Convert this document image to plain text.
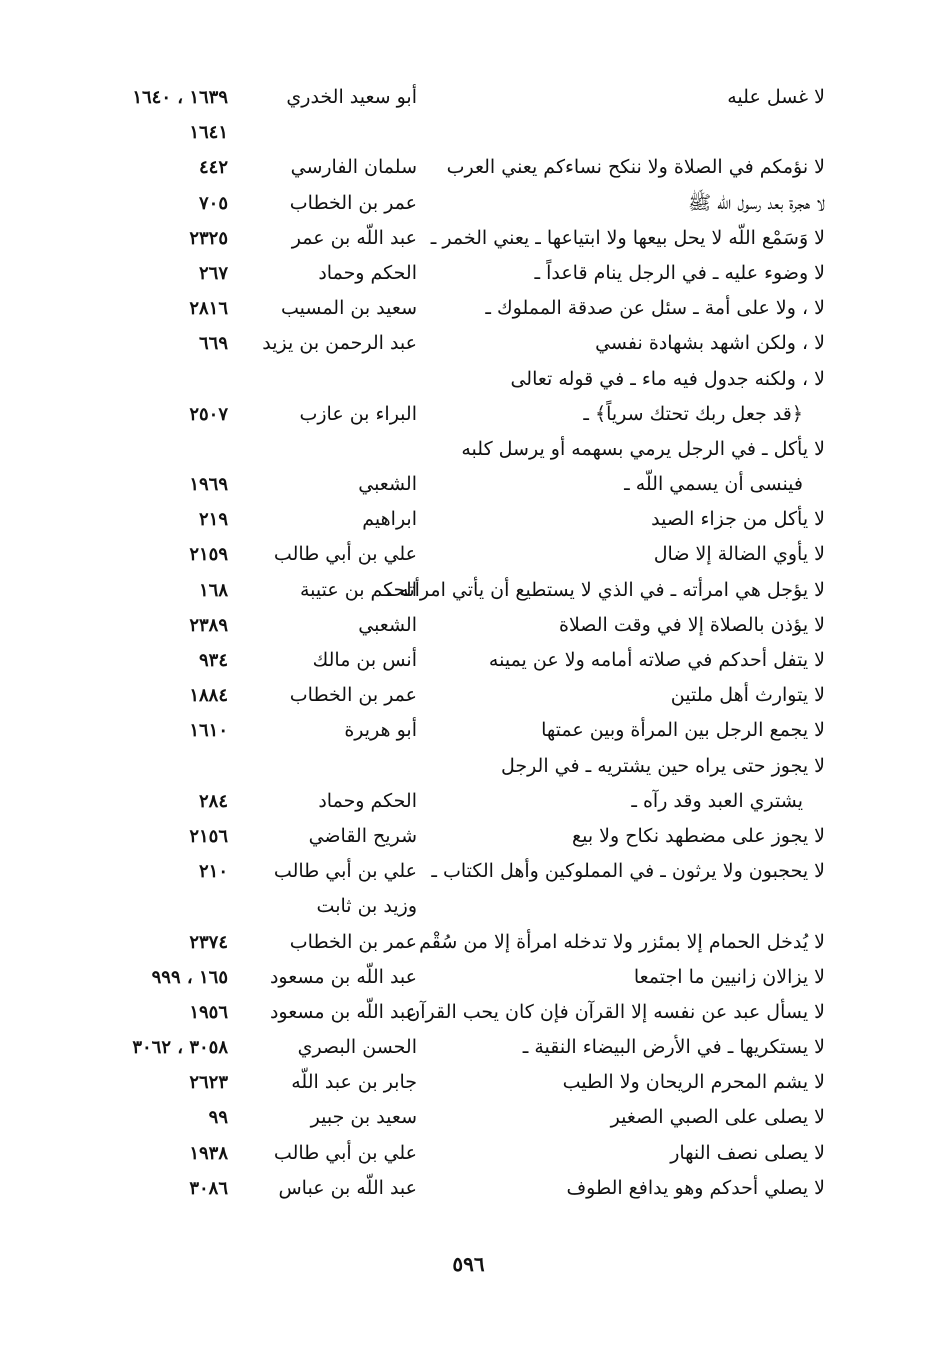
لا غسل عليه
أبو سعيد الخدري
١٦٣٩ ، ١٦٤٠
١٦٤١
لا نؤمكم في الصلاة ولا ننكح نساءكم يعني العرب
سلمان الفارسي
٤٤٢
لا هجرة بعد رسول الله ﷺ
عمر بن الخطاب
٧٠٥
لا وَسَمْع اللّه لا يحل بيعها ولا ابتياعها ـ يعني الخمر ـ
عبد اللّه بن عمر
٢٣٢٥
لا وضوء عليه ـ في الرجل ينام قاعداً ـ
الحكم وحماد
٢٦٧
لا ، ولا على أمة ـ سئل عن صدقة المملوك ـ
سعيد بن المسيب
٢٨١٦
لا ، ولكن اشهد بشهادة نفسي
عبد الرحمن بن يزيد
٦٦٩
لا ، ولكنه جدول فيه ماء ـ في قوله تعالى
﴿قد جعل ربك تحتك سرياً﴾ ـ
البراء بن عازب
٢٥٠٧
لا يأكل ـ في الرجل يرمي بسهمه أو يرسل كلبه
فينسى أن يسمي اللّه ـ
الشعبي
١٩٦٩
لا يأكل من جزاء الصيد
ابراهيم
٢١٩
لا يأوي الضالة إلا ضال
علي بن أبي طالب
٢١٥٩
لا يؤجل هي امرأته ـ في الذي لا يستطيع أن يأتي امرأته ـ
الحكم بن عتيبة
١٦٨
لا يؤذن بالصلاة إلا في وقت الصلاة
الشعبي
٢٣٨٩
لا يتفل أحدكم في صلاته أمامه ولا عن يمينه
أنس بن مالك
٩٣٤
لا يتوارث أهل ملتين
عمر بن الخطاب
١٨٨٤
لا يجمع الرجل بين المرأة وبين عمتها
أبو هريرة
١٦١٠
لا يجوز حتى يراه حين يشتريه ـ في الرجل
يشتري العبد وقد رآه ـ
الحكم وحماد
٢٨٤
لا يجوز على مضطهد نكاح ولا بيع
شريح القاضي
٢١٥٦
لا يحجبون ولا يرثون ـ في المملوكين وأهل الكتاب ـ
علي بن أبي طالب
٢١٠
وزيد بن ثابت
لا يُدخل الحمام إلا بمئزر ولا تدخله امرأة إلا من سُقْم
عمر بن الخطاب
٢٣٧٤
لا يزالان زانيين ما اجتمعا
عبد اللّه بن مسعود
١٦٥ ، ٩٩٩
لا يسأل عبد عن نفسه إلا القرآن فإن كان يحب القرآن
عبد اللّه بن مسعود
١٩٥٦
لا يستكريها ـ في الأرض البيضاء النقية ـ
الحسن البصري
٣٠٥٨ ، ٣٠٦٢
لا يشم المحرم الريحان ولا الطيب
جابر بن عبد اللّه
٢٦٢٣
لا يصلى على الصبي الصغير
سعيد بن جبير
٩٩
لا يصلى نصف النهار
علي بن أبي طالب
١٩٣٨
لا يصلي أحدكم وهو يدافع الطوف
عبد اللّه بن عباس
٣٠٨٦
٥٩٦
